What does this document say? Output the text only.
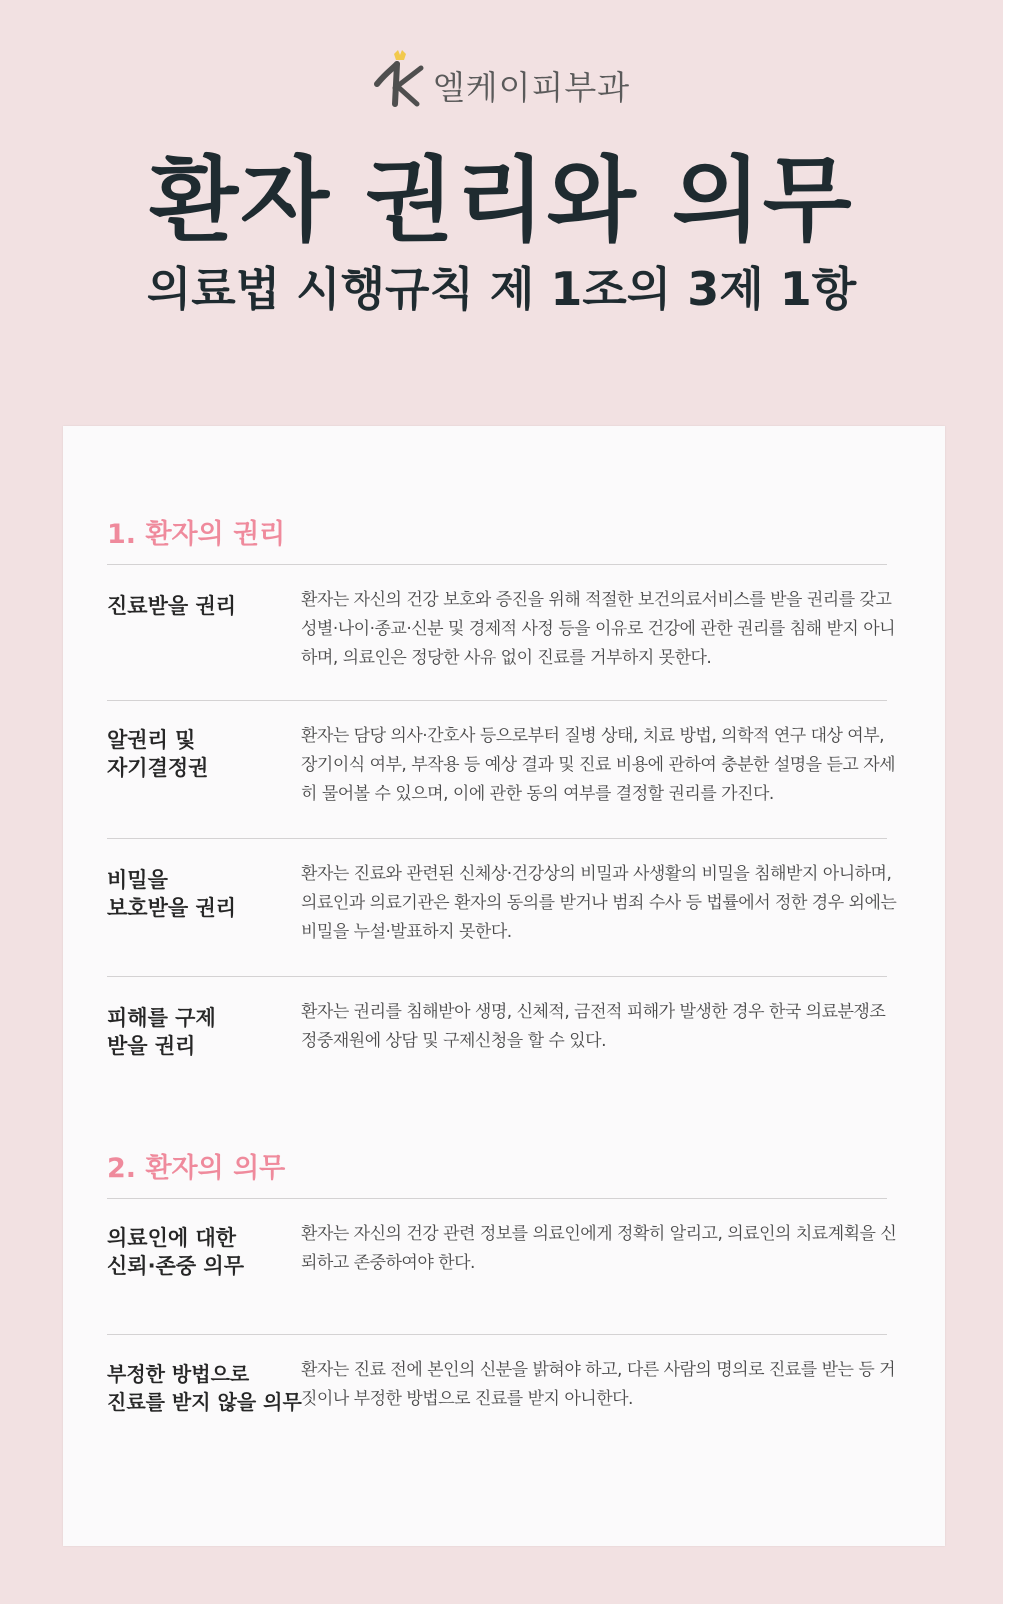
엘케이피부과
환자 권리와 의무
의료법 시행규칙 제 1조의 3제 1항
1. 환자의 권리
진료받을 권리	환자는 자신의 건강 보호와 증진을 위해 적절한 보건의료서비스를 받을 권리를 갖고 성별·나이·종교·신분 및 경제적 사정 등을 이유로 건강에 관한 권리를 침해 받지 아니하며, 의료인은 정당한 사유 없이 진료를 거부하지 못한다.
알권리 및
자기결정권
환자는 담당 의사·간호사 등으로부터 질병 상태, 치료 방법, 의학적 연구 대상 여부, 장기이식 여부, 부작용 등 예상 결과 및 진료 비용에 관하여 충분한 설명을 듣고 자세히 물어볼 수 있으며, 이에 관한 동의 여부를 결정할 권리를 가진다.
비밀을
보호받을 권리
환자는 진료와 관련된 신체상·건강상의 비밀과 사생활의 비밀을 침해받지 아니하며, 의료인과 의료기관은 환자의 동의를 받거나 범죄 수사 등 법률에서 정한 경우 외에는 비밀을 누설·발표하지 못한다.
피해를 구제
받을 권리
환자는 권리를 침해받아 생명, 신체적, 금전적 피해가 발생한 경우 한국 의료분쟁조정중재원에 상담 및 구제신청을 할 수 있다.
2. 환자의 의무
의료인에 대한
신뢰·존중 의무
환자는 자신의 건강 관련 정보를 의료인에게 정확히 알리고, 의료인의 치료계획을 신뢰하고 존중하여야 한다.
부정한 방법으로
진료를 받지 않을 의무
환자는 진료 전에 본인의 신분을 밝혀야 하고, 다른 사람의 명의로 진료를 받는 등 거짓이나 부정한 방법으로 진료를 받지 아니한다.
